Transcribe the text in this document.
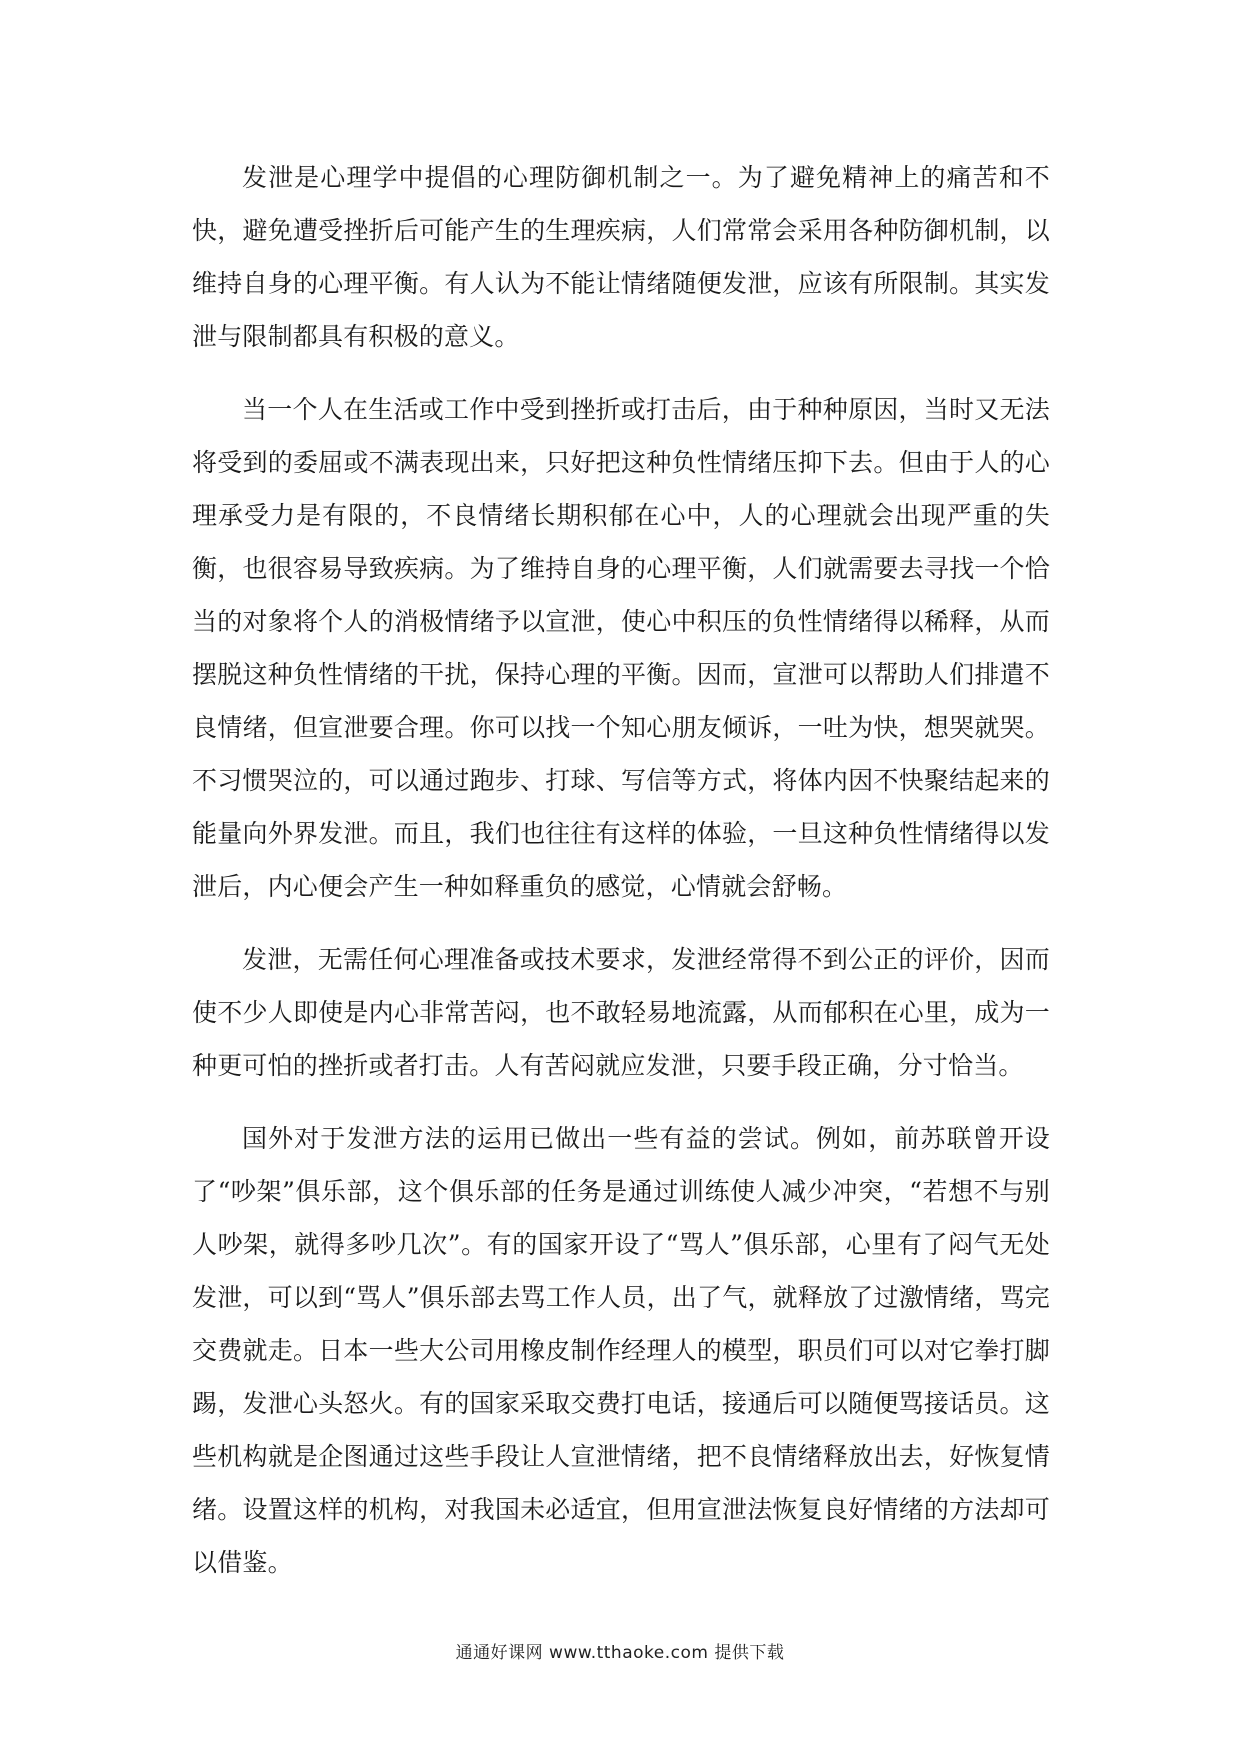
发泄是心理学中提倡的心理防御机制之一。为了避免精神上的痛苦和不快，避免遭受挫折后可能产生的生理疾病，人们常常会采用各种防御机制，以维持自身的心理平衡。有人认为不能让情绪随便发泄，应该有所限制。其实发泄与限制都具有积极的意义。

当一个人在生活或工作中受到挫折或打击后，由于种种原因，当时又无法将受到的委屈或不满表现出来，只好把这种负性情绪压抑下去。但由于人的心理承受力是有限的，不良情绪长期积郁在心中，人的心理就会出现严重的失衡，也很容易导致疾病。为了维持自身的心理平衡，人们就需要去寻找一个恰当的对象将个人的消极情绪予以宣泄，使心中积压的负性情绪得以稀释，从而摆脱这种负性情绪的干扰，保持心理的平衡。因而，宣泄可以帮助人们排遣不良情绪，但宣泄要合理。你可以找一个知心朋友倾诉，一吐为快，想哭就哭。不习惯哭泣的，可以通过跑步、打球、写信等方式，将体内因不快聚结起来的能量向外界发泄。而且，我们也往往有这样的体验，一旦这种负性情绪得以发泄后，内心便会产生一种如释重负的感觉，心情就会舒畅。

发泄，无需任何心理准备或技术要求，发泄经常得不到公正的评价，因而使不少人即使是内心非常苦闷，也不敢轻易地流露，从而郁积在心里，成为一种更可怕的挫折或者打击。人有苦闷就应发泄，只要手段正确，分寸恰当。

国外对于发泄方法的运用已做出一些有益的尝试。例如，前苏联曾开设了“吵架”俱乐部，这个俱乐部的任务是通过训练使人减少冲突，“若想不与别人吵架，就得多吵几次”。有的国家开设了“骂人”俱乐部，心里有了闷气无处发泄，可以到“骂人”俱乐部去骂工作人员，出了气，就释放了过激情绪，骂完交费就走。日本一些大公司用橡皮制作经理人的模型，职员们可以对它拳打脚踢，发泄心头怒火。有的国家采取交费打电话，接通后可以随便骂接话员。这些机构就是企图通过这些手段让人宣泄情绪，把不良情绪释放出去，好恢复情绪。设置这样的机构，对我国未必适宜，但用宣泄法恢复良好情绪的方法却可以借鉴。

通通好课网 www.tthaoke.com 提供下载
